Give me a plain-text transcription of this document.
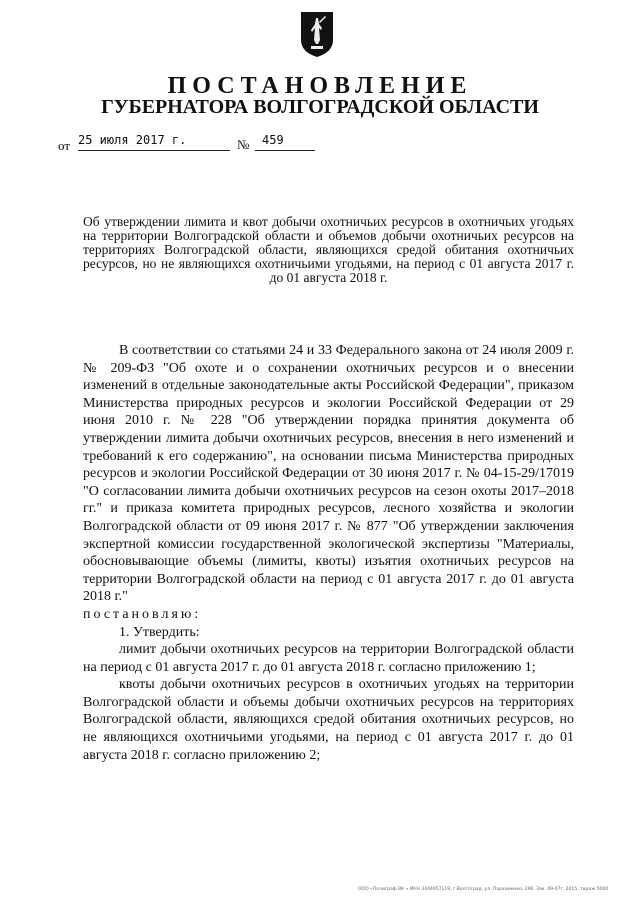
ПОСТАНОВЛЕНИЕ
ГУБЕРНАТОРА ВОЛГОГРАДСКОЙ ОБЛАСТИ
от 25 июля 2017 г.	№ 459
Об утверждении лимита и квот добычи охотничьих ресурсов в охотничьих угодьях на территории Волгоградской области и объемов добычи охотничьих ресурсов на территориях Волгоградской области, являющихся средой обитания охотничьих ресурсов, но не являющихся охотничьими угодьями, на период с 01 августа 2017 г. до 01 августа 2018 г.

В соответствии со статьями 24 и 33 Федерального закона от 24 июля 2009 г. № 209-ФЗ "Об охоте и о сохранении охотничьих ресурсов и о внесении изменений в отдельные законодательные акты Российской Федерации", приказом Министерства природных ресурсов и экологии Российской Федерации от 29 июня 2010 г. № 228 "Об утверждении порядка принятия документа об утверждении лимита добычи охотничьих ресурсов, внесения в него изменений и требований к его содержанию", на основании письма Министерства природных ресурсов и экологии Российской Федерации от 30 июня 2017 г. № 04-15-29/17019 "О согласовании лимита добычи охотничьих ресурсов на сезон охоты 2017–2018 гг." и приказа комитета природных ресурсов, лесного хозяйства и экологии Волгоградской области от 09 июня 2017 г. № 877 "Об утверждении заключения экспертной комиссии государственной экологической экспертизы "Материалы, обосновывающие объемы (лимиты, квоты) изъятия охотничьих ресурсов на территории Волгоградской области на период с 01 августа 2017 г. до 01 августа 2018 г."

постановляю:

1. Утвердить:

лимит добычи охотничьих ресурсов на территории Волгоградской области на период с 01 августа 2017 г. до 01 августа 2018 г. согласно приложению 1;

квоты добычи охотничьих ресурсов в охотничьих угодьях на территории Волгоградской области и объемы добычи охотничьих ресурсов на территориях Волгоградской области, являющихся средой обитания охотничьих ресурсов, но не являющихся охотничьими угодьями, на период с 01 августа 2017 г. до 01 августа 2018 г. согласно приложению 2;

ООО «Полиграф ВК » ИНН 3444957119, г.Волгоград, ул. Пархоменко, 29б. Зак. 09-07г. 2015, тираж 5000
